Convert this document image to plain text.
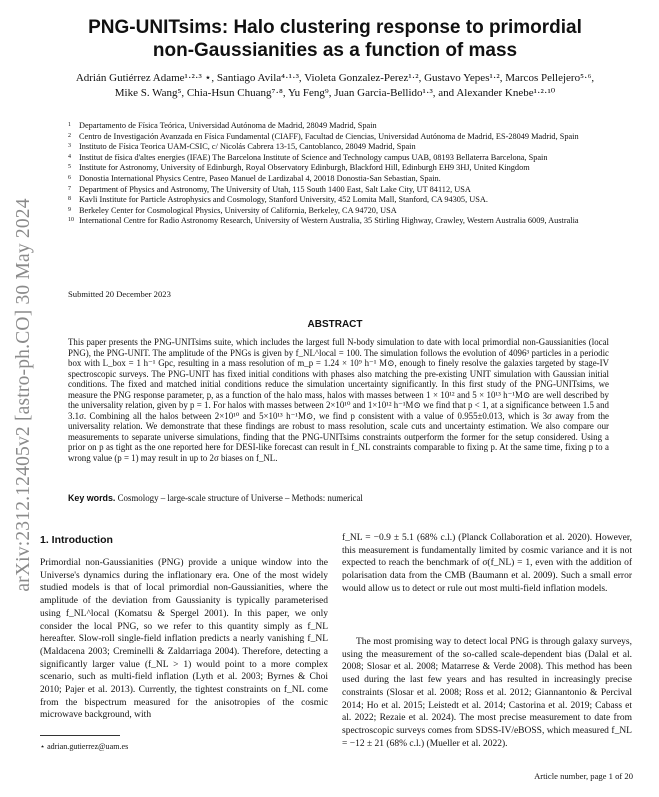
arXiv:2312.12405v2 [astro-ph.CO] 30 May 2024
PNG-UNITsims: Halo clustering response to primordial
non-Gaussianities as a function of mass
Adrián Gutiérrez Adame¹·²·³ ⋆, Santiago Avila⁴·¹·³, Violeta Gonzalez-Perez¹·², Gustavo Yepes¹·², Marcos Pellejero⁵·⁶,
Mike S. Wang⁵, Chia-Hsun Chuang⁷·⁸, Yu Feng⁹, Juan Garcia-Bellido¹·³, and Alexander Knebe¹·²·¹⁰
1 Departamento de Física Teórica, Universidad Autónoma de Madrid, 28049 Madrid, Spain
2 Centro de Investigación Avanzada en Física Fundamental (CIAFF), Facultad de Ciencias, Universidad Autónoma de Madrid, ES-28049 Madrid, Spain
3 Instituto de Física Teorica UAM-CSIC, c/ Nicolás Cabrera 13-15, Cantoblanco, 28049 Madrid, Spain
4 Institut de física d'altes energies (IFAE) The Barcelona Institute of Science and Technology campus UAB, 08193 Bellaterra Barcelona, Spain
5 Institute for Astronomy, University of Edinburgh, Royal Observatory Edinburgh, Blackford Hill, Edinburgh EH9 3HJ, United Kingdom
6 Donostia International Physics Centre, Paseo Manuel de Lardizabal 4, 20018 Donostia-San Sebastian, Spain.
7 Department of Physics and Astronomy, The University of Utah, 115 South 1400 East, Salt Lake City, UT 84112, USA
8 Kavli Institute for Particle Astrophysics and Cosmology, Stanford University, 452 Lomita Mall, Stanford, CA 94305, USA.
9 Berkeley Center for Cosmological Physics, University of California, Berkeley, CA 94720, USA
10 International Centre for Radio Astronomy Research, University of Western Australia, 35 Stirling Highway, Crawley, Western Australia 6009, Australia
Submitted 20 December 2023
ABSTRACT
This paper presents the PNG-UNITsims suite, which includes the largest full N-body simulation to date with local primordial non-Gaussianities (local PNG), the PNG-UNIT. The amplitude of the PNGs is given by f_NL^local = 100. The simulation follows the evolution of 4096³ particles in a periodic box with L_box = 1 h⁻¹ Gpc, resulting in a mass resolution of m_p = 1.24 × 10⁹ h⁻¹ M⊙, enough to finely resolve the galaxies targeted by stage-IV spectroscopic surveys. The PNG-UNIT has fixed initial conditions with phases also matching the pre-existing UNIT simulation with Gaussian initial conditions. The fixed and matched initial conditions reduce the simulation uncertainty significantly. In this first study of the PNG-UNITsims, we measure the PNG response parameter, p, as a function of the halo mass, halos with masses between 1 × 10¹² and 5 × 10¹³ h⁻¹M⊙ are well described by the universality relation, given by p = 1. For halos with masses between 2×10¹⁰ and 1×10¹² h⁻¹M⊙ we find that p < 1, at a significance between 1.5 and 3.1σ. Combining all the halos between 2×10¹⁰ and 5×10¹³ h⁻¹M⊙, we find p consistent with a value of 0.955±0.013, which is 3σ away from the universality relation. We demonstrate that these findings are robust to mass resolution, scale cuts and uncertainty estimation. We also compare our measurements to separate universe simulations, finding that the PNG-UNITsims constraints outperform the former for the setup considered. Using a prior on p as tight as the one reported here for DESI-like forecast can result in f_NL constraints comparable to fixing p. At the same time, fixing p to a wrong value (p = 1) may result in up to 2σ biases on f_NL.
Key words. Cosmology – large-scale structure of Universe – Methods: numerical
1. Introduction

Primordial non-Gaussianities (PNG) provide a unique window into the Universe's dynamics during the inflationary era. One of the most widely studied models is that of local primordial non-Gaussianities, where the amplitude of the deviation from Gaussianity is typically parameterised using f_NL^local (Komatsu & Spergel 2001). In this paper, we only consider the local PNG, so we refer to this quantity simply as f_NL hereafter. Slow-roll single-field inflation predicts a nearly vanishing f_NL (Maldacena 2003; Creminelli & Zaldarriaga 2004). Therefore, detecting a significantly larger value (f_NL > 1) would point to a more complex scenario, such as multi-field inflation (Lyth et al. 2003; Byrnes & Choi 2010; Pajer et al. 2013). Currently, the tightest constraints on f_NL come from the bispectrum measured for the anisotropies of the cosmic microwave background, with

f_NL = −0.9 ± 5.1 (68% c.l.) (Planck Collaboration et al. 2020). However, this measurement is fundamentally limited by cosmic variance and it is not expected to reach the benchmark of σ(f_NL) = 1, even with the addition of polarisation data from the CMB (Baumann et al. 2009). Such a small error would allow us to detect or rule out most multi-field inflation models.
The most promising way to detect local PNG is through galaxy surveys, using the measurement of the so-called scale-dependent bias (Dalal et al. 2008; Slosar et al. 2008; Matarrese & Verde 2008). This method has been used during the last few years and has resulted in increasingly precise constraints (Slosar et al. 2008; Ross et al. 2012; Giannantonio & Percival 2014; Ho et al. 2015; Leistedt et al. 2014; Castorina et al. 2019; Cabass et al. 2022; Rezaie et al. 2024). The most precise measurement to date from spectroscopic surveys comes from SDSS-IV/eBOSS, which measured f_NL = −12 ± 21 (68% c.l.) (Mueller et al. 2022).
⋆ adrian.gutierrez@uam.es
Article number, page 1 of 20
